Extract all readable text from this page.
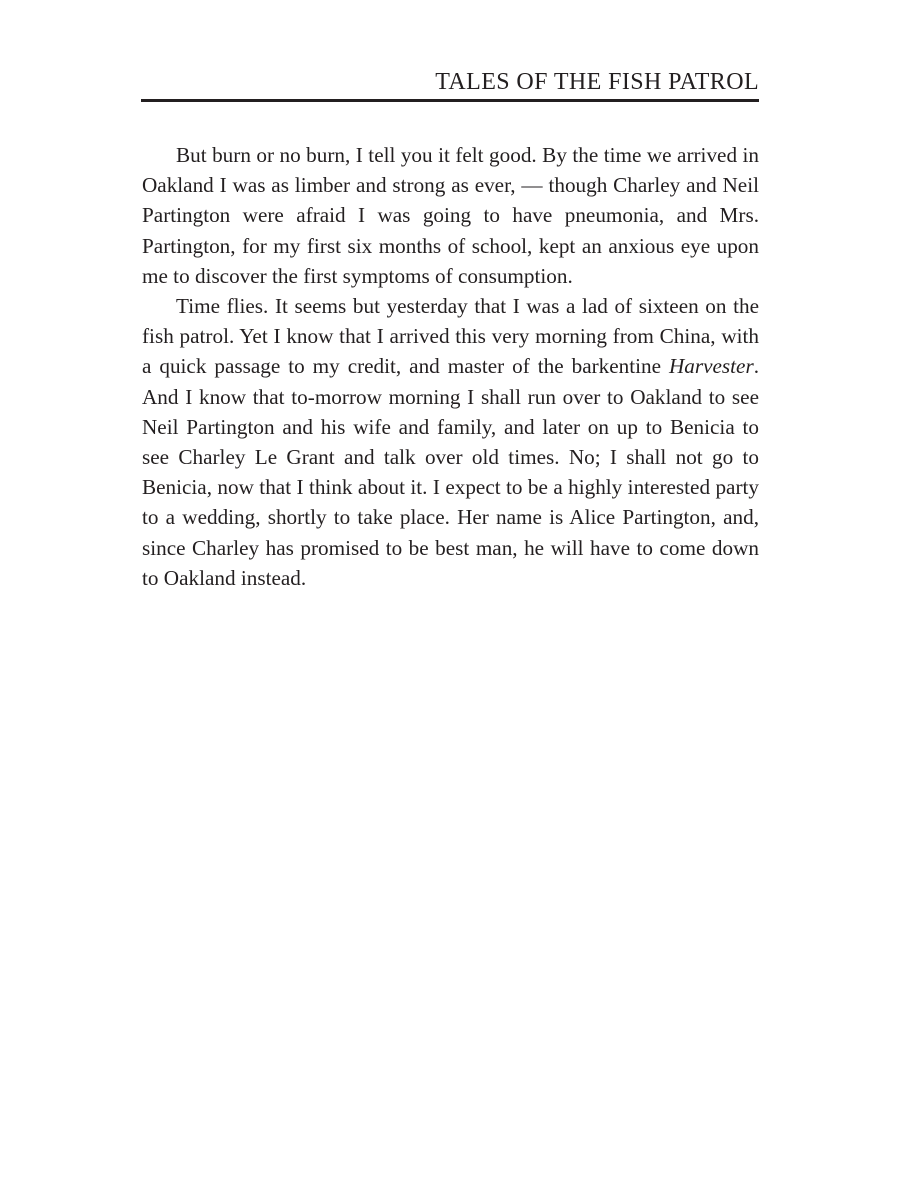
TALES OF THE FISH PATROL

But burn or no burn, I tell you it felt good. By the time we arrived in Oakland I was as limber and strong as ever, — though Charley and Neil Partington were afraid I was going to have pneumonia, and Mrs. Partington, for my first six months of school, kept an anxious eye upon me to discover the first symptoms of consumption.

Time flies. It seems but yesterday that I was a lad of sixteen on the fish patrol. Yet I know that I arrived this very morning from China, with a quick passage to my credit, and master of the barkentine Harvester. And I know that to-morrow morning I shall run over to Oakland to see Neil Partington and his wife and family, and later on up to Benicia to see Charley Le Grant and talk over old times. No; I shall not go to Benicia, now that I think about it. I expect to be a highly interested party to a wedding, shortly to take place. Her name is Alice Partington, and, since Charley has promised to be best man, he will have to come down to Oakland instead.
